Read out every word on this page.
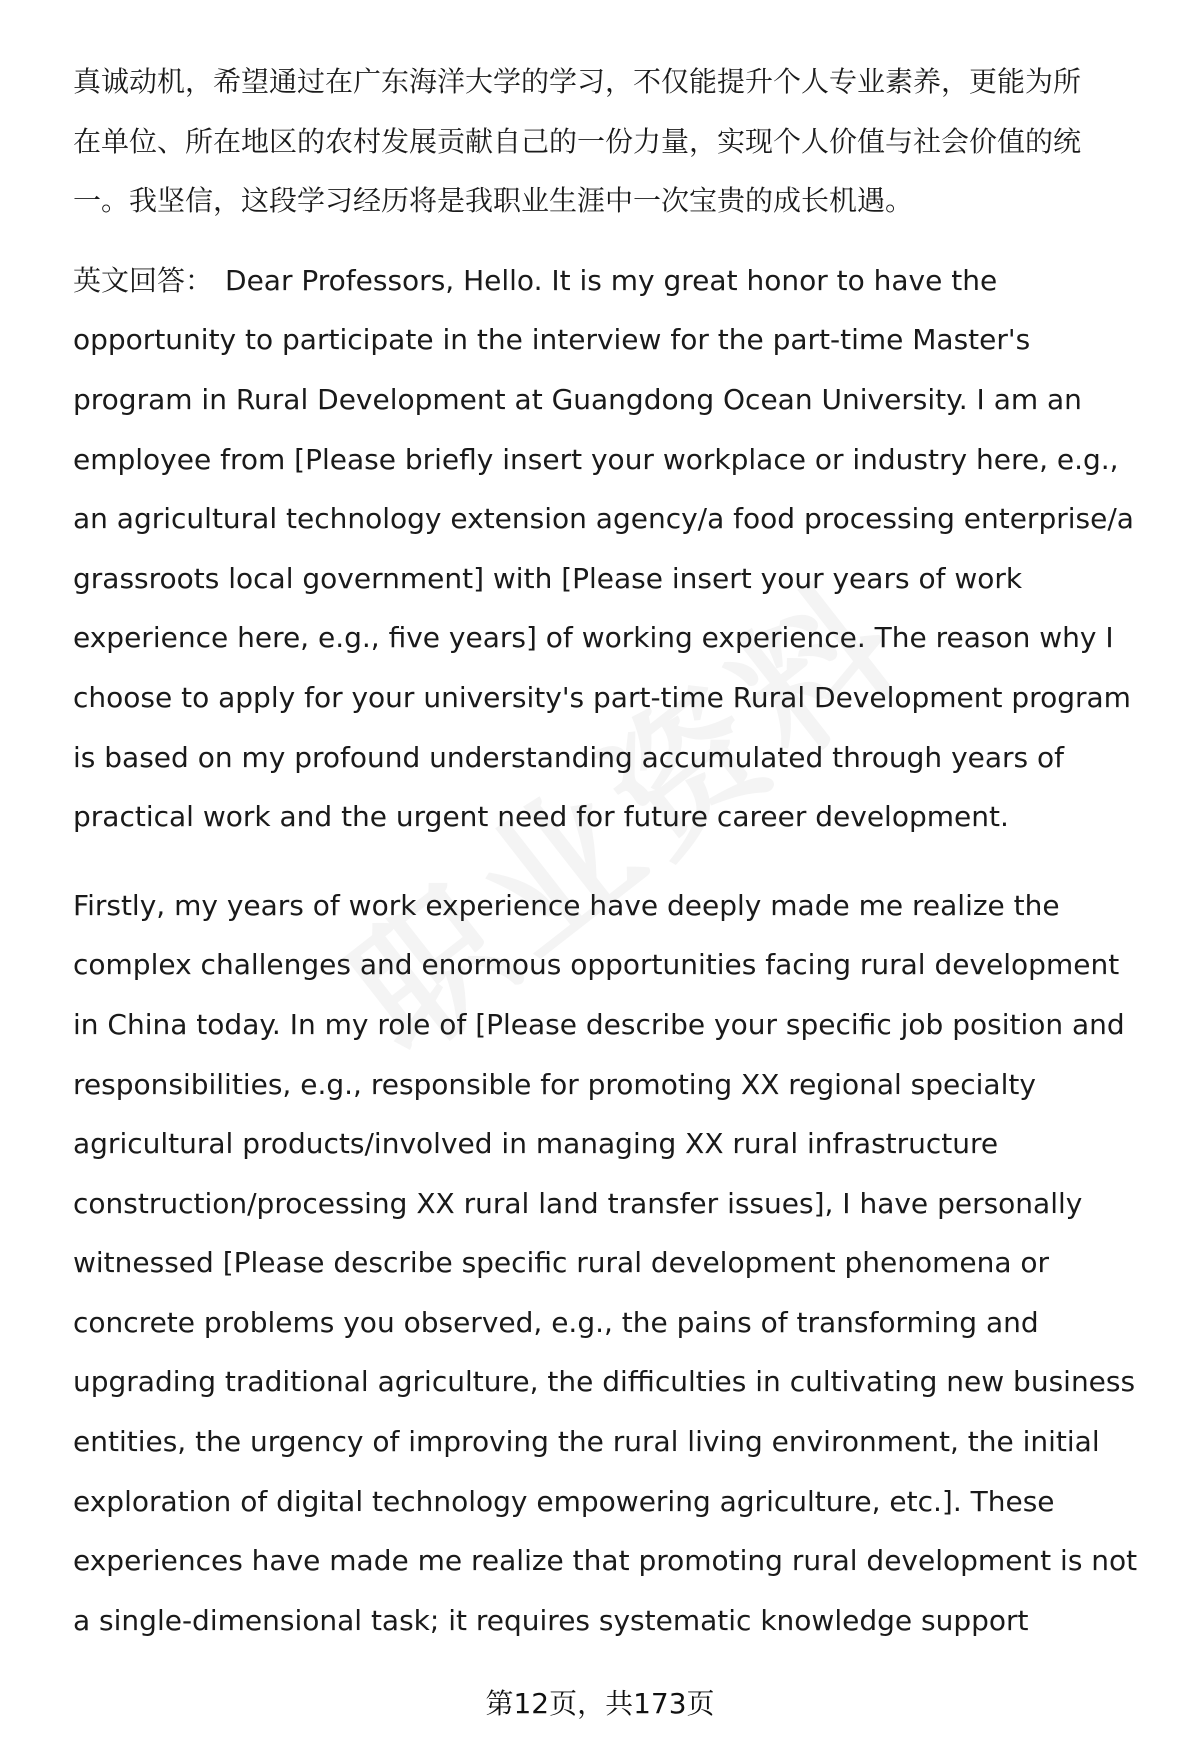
真诚动机，希望通过在广东海洋大学的学习，不仅能提升个人专业素养，更能为所
在单位、所在地区的农村发展贡献自己的一份力量，实现个人价值与社会价值的统
一。我坚信，这段学习经历将是我职业生涯中一次宝贵的成长机遇。

英文回答： Dear Professors, Hello. It is my great honor to have the
opportunity to participate in the interview for the part-time Master's
program in Rural Development at Guangdong Ocean University. I am an
employee from [Please briefly insert your workplace or industry here, e.g.,
an agricultural technology extension agency/a food processing enterprise/a
grassroots local government] with [Please insert your years of work
experience here, e.g., five years] of working experience. The reason why I
choose to apply for your university's part-time Rural Development program
is based on my profound understanding accumulated through years of
practical work and the urgent need for future career development.

Firstly, my years of work experience have deeply made me realize the
complex challenges and enormous opportunities facing rural development
in China today. In my role of [Please describe your specific job position and
responsibilities, e.g., responsible for promoting XX regional specialty
agricultural products/involved in managing XX rural infrastructure
construction/processing XX rural land transfer issues], I have personally
witnessed [Please describe specific rural development phenomena or
concrete problems you observed, e.g., the pains of transforming and
upgrading traditional agriculture, the difficulties in cultivating new business
entities, the urgency of improving the rural living environment, the initial
exploration of digital technology empowering agriculture, etc.]. These
experiences have made me realize that promoting rural development is not
a single-dimensional task; it requires systematic knowledge support

第12页，共173页
